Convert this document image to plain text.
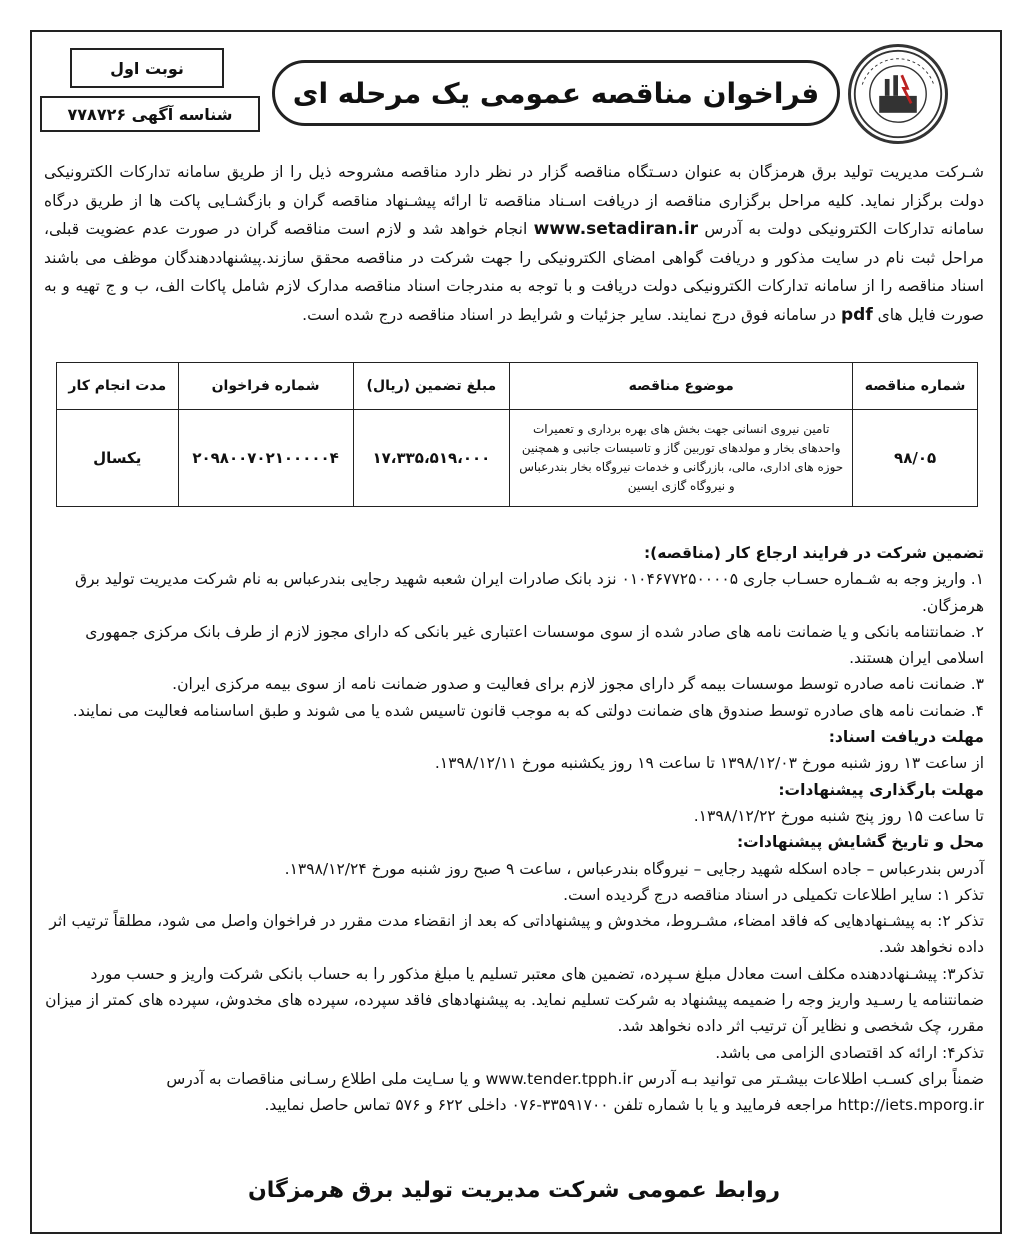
فراخوان مناقصه عمومی یک مرحله ای
نوبت اول
شناسه آگهی ۷۷۸۷۲۶
شـرکت مدیریت تولید برق هرمزگان به عنوان دسـتگاه مناقصه گزار در نظر دارد مناقصه مشروحه ذیل را از طریق سامانه تدارکات الکترونیکی دولت برگزار نماید. کلیه مراحل برگزاری مناقصه از دریافت اسـناد مناقصه تا ارائه پیشـنهاد مناقصه گران و بازگشـایی پاکت ها از طریق درگاه سامانه تدارکات الکترونیکی دولت به آدرس www.setadiran.ir انجام خواهد شد و لازم است مناقصه گران در صورت عدم عضویت قبلی، مراحل ثبت نام در سایت مذکور و دریافت گواهی امضای الکترونیکی را جهت شرکت در مناقصه محقق سازند.پیشنهاددهندگان موظف می باشند اسناد مناقصه را از سامانه تدارکات الکترونیکی دولت دریافت و با توجه به مندرجات اسناد مناقصه مدارک لازم شامل پاکات الف، ب و ج تهیه و به صورت فایل های pdf در سامانه فوق درج نمایند. سایر جزئیات و شرایط در اسناد مناقصه درج شده است.
شماره مناقصه	موضوع مناقصه	مبلغ تضمین (ریال)	شماره فراخوان	مدت انجام کار
۹۸/۰۵	تامین نیروی انسانی جهت بخش های بهره برداری و تعمیرات واحدهای بخار و مولدهای توربین گاز و تاسیسات جانبی و همچنین حوزه های اداری، مالی، بازرگانی و خدمات نیروگاه بخار بندرعباس و نیروگاه گازی ایسین	۱۷،۳۳۵،۵۱۹،۰۰۰	۲۰۹۸۰۰۷۰۲۱۰۰۰۰۰۴	یکسال

تضمین شرکت در فرایند ارجاع کار (مناقصه):

۱. واریز وجه به شـماره حسـاب جاری ۰۱۰۴۶۷۷۲۵۰۰۰۰۵ نزد بانک صادرات ایران شعبه شهید رجایی بندرعباس به نام شرکت مدیریت تولید برق هرمزگان.

۲. ضمانتنامه بانکی و یا ضمانت نامه های صادر شده از سوی موسسات اعتباری غیر بانکی که دارای مجوز لازم از طرف بانک مرکزی جمهوری اسلامی ایران هستند.

۳. ضمانت نامه صادره توسط موسسات بیمه گر دارای مجوز لازم برای فعالیت و صدور ضمانت نامه از سوی بیمه مرکزی ایران.

۴. ضمانت نامه های صادره توسط صندوق های ضمانت دولتی که به موجب قانون تاسیس شده یا می شوند و طبق اساسنامه فعالیت می نمایند.

مهلت دریافت اسناد:

از ساعت ۱۳ روز شنبه مورخ ۱۳۹۸/۱۲/۰۳ تا ساعت ۱۹ روز یکشنبه مورخ ۱۳۹۸/۱۲/۱۱.

مهلت بارگذاری پیشنهادات:

تا ساعت ۱۵ روز پنج شنبه مورخ ۱۳۹۸/۱۲/۲۲.

محل و تاریخ گشایش پیشنهادات:

آدرس بندرعباس – جاده اسکله شهید رجایی – نیروگاه بندرعباس ، ساعت ۹ صبح روز شنبه مورخ ۱۳۹۸/۱۲/۲۴.

تذکر ۱: سایر اطلاعات تکمیلی در اسناد مناقصه درج گردیده است.

تذکر ۲: به پیشـنهادهایی که فاقد امضاء، مشـروط، مخدوش و پیشنهاداتی که بعد از انقضاء مدت مقرر در فراخوان واصل می شود، مطلقاً ترتیب اثر داده نخواهد شد.

تذکر۳: پیشـنهاددهنده مکلف است معادل مبلغ سـپرده، تضمین های معتبر تسلیم یا مبلغ مذکور را به حساب بانکی شرکت واریز و حسب مورد ضمانتنامه یا رسـید واریز وجه را ضمیمه پیشنهاد به شرکت تسلیم نماید. به پیشنهادهای فاقد سپرده، سپرده های مخدوش، سپرده های کمتر از میزان مقرر، چک شخصی و نظایر آن ترتیب اثر داده نخواهد شد.

تذکر۴: ارائه کد اقتصادی الزامی می باشد.

ضمناً برای کسـب اطلاعات بیشـتر می توانید بـه آدرس www.tender.tpph.ir و یا سـایت ملی اطلاع رسـانی مناقصات به آدرس

http://iets.mporg.ir مراجعه فرمایید و یا با شماره تلفن ۳۳۵۹۱۷۰۰-۰۷۶ داخلی ۶۲۲ و ۵۷۶ تماس حاصل نمایید.

روابط عمومی شرکت مدیریت تولید برق هرمزگان
